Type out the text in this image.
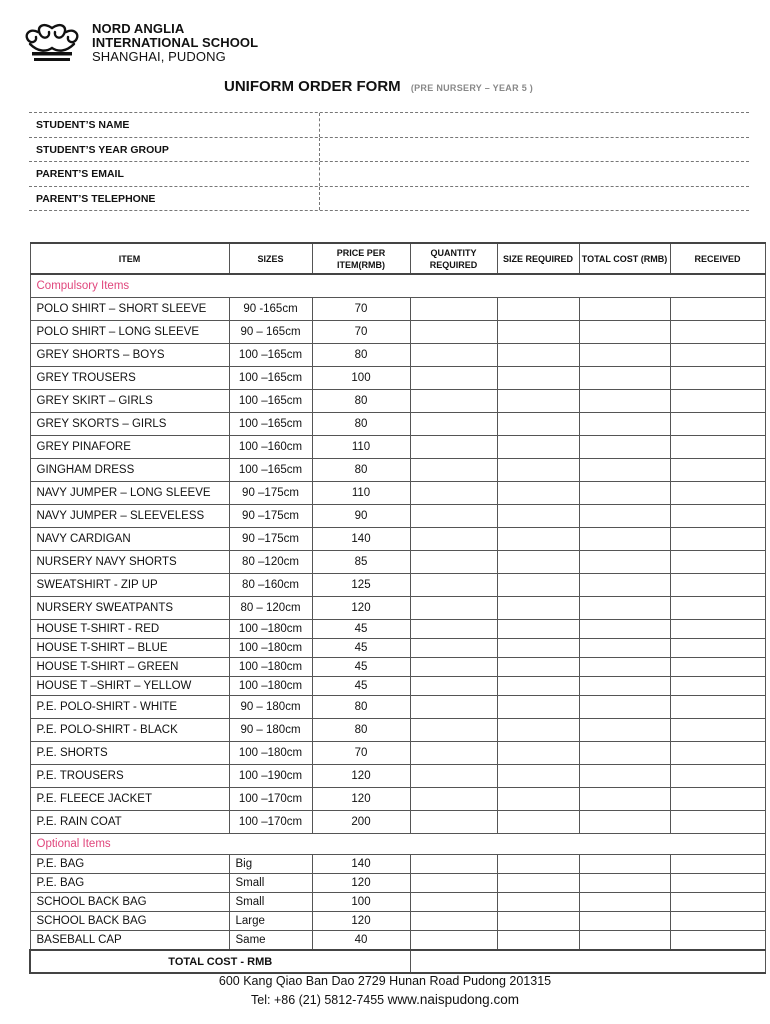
NORD ANGLIA
INTERNATIONAL SCHOOL
SHANGHAI, PUDONG
UNIFORM ORDER FORM (PRE NURSERY – YEAR 5 )
STUDENT’S NAME
STUDENT’S YEAR GROUP
PARENT’S EMAIL
PARENT’S TELEPHONE
ITEM	SIZES	PRICE PER ITEM(RMB)	QUANTITY REQUIRED	SIZE REQUIRED	TOTAL COST (RMB)	RECEIVED
Compulsory Items						
POLO SHIRT – SHORT SLEEVE	90 -165cm	70				
POLO SHIRT – LONG SLEEVE	90 – 165cm	70				
GREY SHORTS – BOYS	100 –165cm	80				
GREY TROUSERS	100 –165cm	100				
GREY SKIRT – GIRLS	100 –165cm	80				
GREY SKORTS – GIRLS	100 –165cm	80				
GREY PINAFORE	100 –160cm	110				
GINGHAM DRESS	100 –165cm	80				
NAVY JUMPER – LONG SLEEVE	90 –175cm	110				
NAVY JUMPER – SLEEVELESS	90 –175cm	90				
NAVY CARDIGAN	90 –175cm	140				
NURSERY NAVY SHORTS	80 –120cm	85				
SWEATSHIRT - ZIP UP	80 –160cm	125				
NURSERY SWEATPANTS	80 – 120cm	120				
HOUSE T-SHIRT - RED	100 –180cm	45				
HOUSE T-SHIRT – BLUE	100 –180cm	45				
HOUSE T-SHIRT – GREEN	100 –180cm	45				
HOUSE T –SHIRT – YELLOW	100 –180cm	45				
P.E. POLO-SHIRT - WHITE	90 – 180cm	80				
P.E. POLO-SHIRT - BLACK	90 – 180cm	80				
P.E. SHORTS	100 –180cm	70				
P.E. TROUSERS	100 –190cm	120				
P.E. FLEECE JACKET	100 –170cm	120				
P.E. RAIN COAT	100 –170cm	200				
Optional Items						
P.E. BAG	Big	140				
P.E. BAG	Small	120				
SCHOOL BACK BAG	Small	100				
SCHOOL BACK BAG	Large	120				
BASEBALL CAP	Same	40				
TOTAL COST - RMB						
600 Kang Qiao Ban Dao 2729 Hunan Road Pudong 201315
Tel: +86 (21) 5812-7455 www.naispudong.com
